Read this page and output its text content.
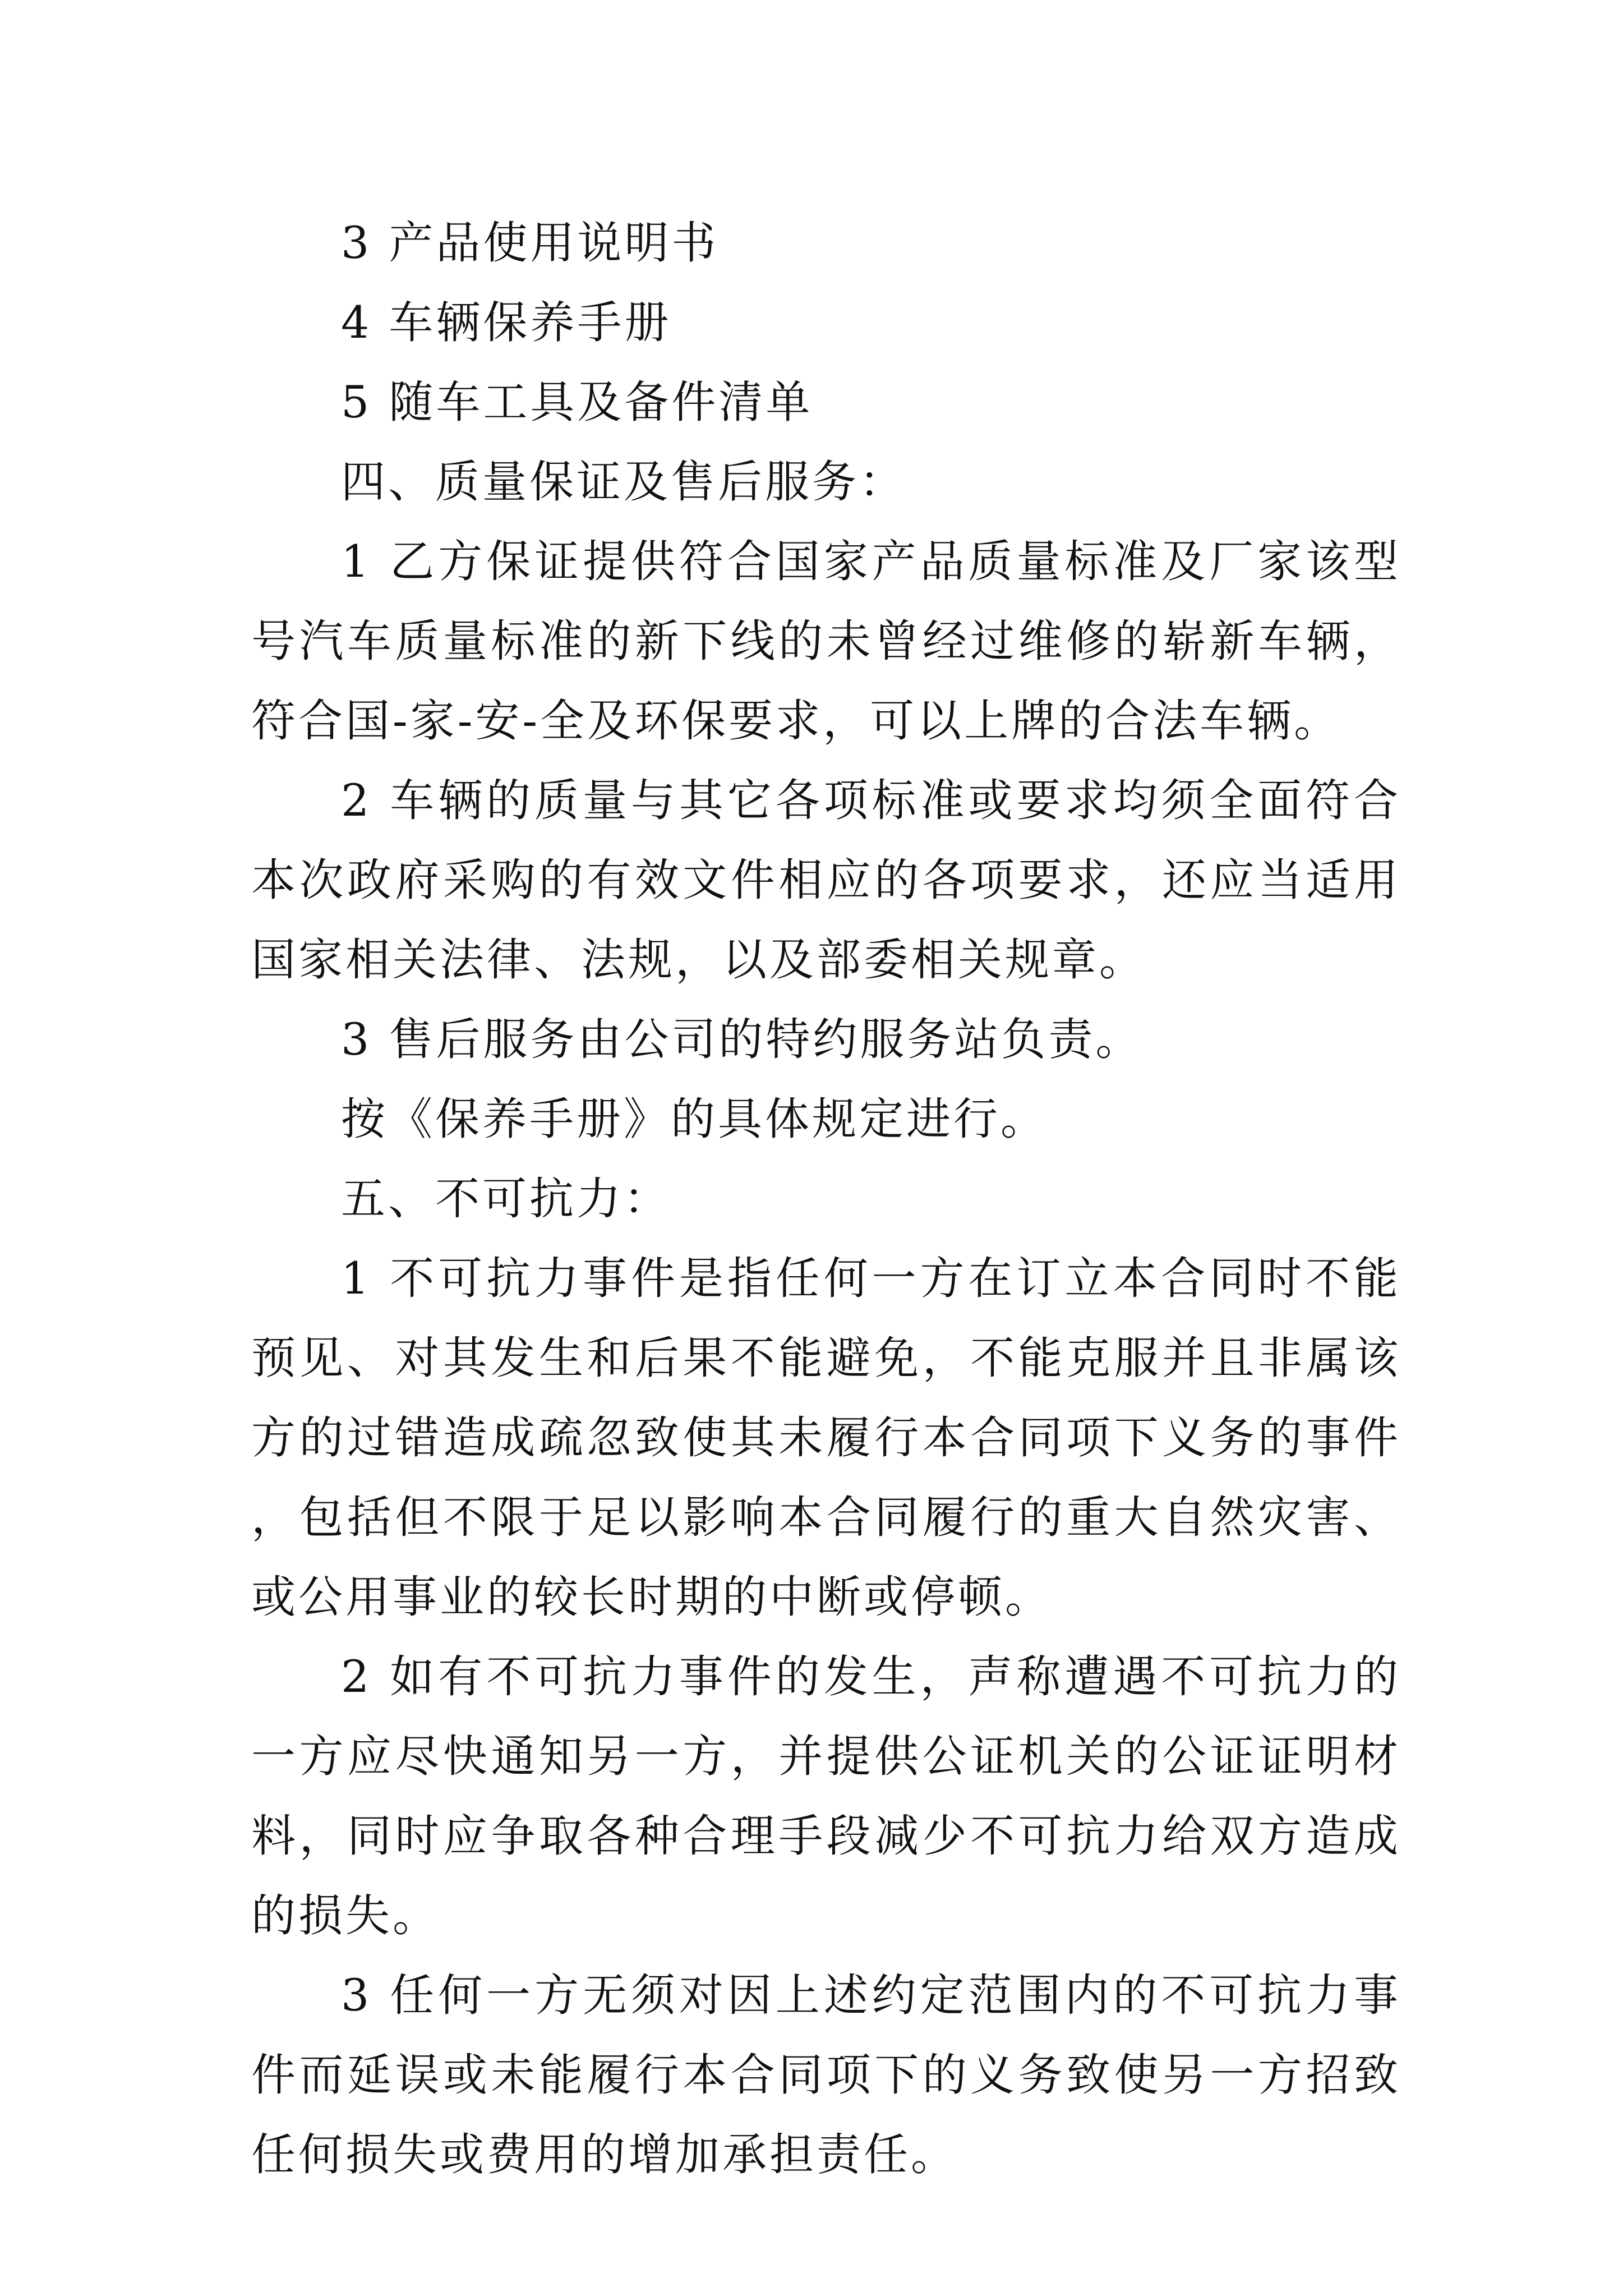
3 产品使用说明书

4 车辆保养手册

5 随车工具及备件清单

四、质量保证及售后服务：

1 乙方保证提供符合国家产品质量标准及厂家该型号汽车质量标准的新下线的未曾经过维修的崭新车辆，符合国-家-安-全及环保要求，可以上牌的合法车辆。

2 车辆的质量与其它各项标准或要求均须全面符合本次政府采购的有效文件相应的各项要求，还应当适用国家相关法律、法规，以及部委相关规章。

3 售后服务由公司的特约服务站负责。

按《保养手册》的具体规定进行。

五、不可抗力：

1 不可抗力事件是指任何一方在订立本合同时不能预见、对其发生和后果不能避免，不能克服并且非属该方的过错造成疏忽致使其未履行本合同项下义务的事件，包括但不限于足以影响本合同履行的重大自然灾害、或公用事业的较长时期的中断或停顿。

2 如有不可抗力事件的发生，声称遭遇不可抗力的一方应尽快通知另一方，并提供公证机关的公证证明材料，同时应争取各种合理手段减少不可抗力给双方造成的损失。

3 任何一方无须对因上述约定范围内的不可抗力事件而延误或未能履行本合同项下的义务致使另一方招致任何损失或费用的增加承担责任。
